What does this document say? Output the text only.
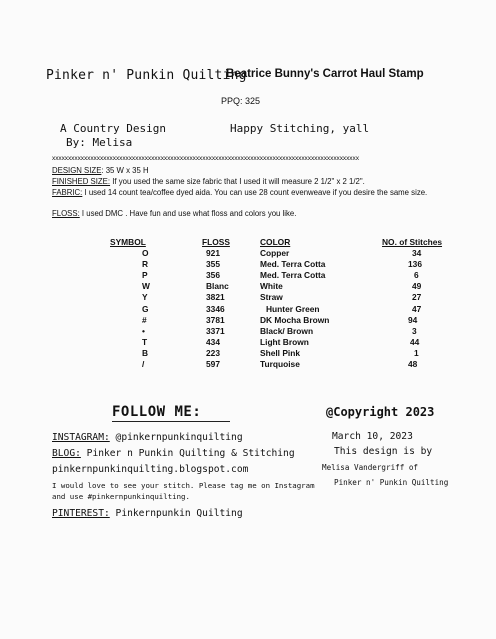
Pinker n' Punkin Quilting
Beatrice Bunny's Carrot Haul Stamp
PPQ: 325
A Country Design
By: Melisa
Happy Stitching, yall
xxxxxxxxxxxxxxxxxxxxxxxxxxxxxxxxxxxxxxxxxxxxxxxxxxxxxxxxxxxxxxxxxxxxxxxxxxxxxxxxxxxxxxxxxxxxxxxx
DESIGN SIZE: 35 W x 35 H
FINISHED SIZE: If you used the same size fabric that I used it will measure 2 1/2" x 2 1/2".
FABRIC: I used 14 count tea/coffee dyed aida. You can use 28 count evenweave if you desire the same size.
FLOSS: I used DMC . Have fun and use what floss and colors you like.
SYMBOL	FLOSS	COLOR	NO. of Stitches
O	921	Copper	34
R	355	Med. Terra Cotta	136
P	356	Med. Terra Cotta	6
W	Blanc	White	49
Y	3821	Straw	27
G	3346	Hunter Green	47
#	3781	DK Mocha Brown	94
•	3371	Black/ Brown	3
T	434	Light Brown	44
B	223	Shell Pink	1
/	597	Turquoise	48
FOLLOW ME:
INSTAGRAM: @pinkernpunkinquilting
BLOG: Pinker n Punkin Quilting & Stitching
pinkernpunkinquilting.blogspot.com
I would love to see your stitch. Please tag me on Instagram
and use #pinkernpunkinquilting.
PINTEREST: Pinkernpunkin Quilting
@Copyright 2023
March 10, 2023
This design is by
Melisa Vandergriff of
Pinker n' Punkin Quilting
